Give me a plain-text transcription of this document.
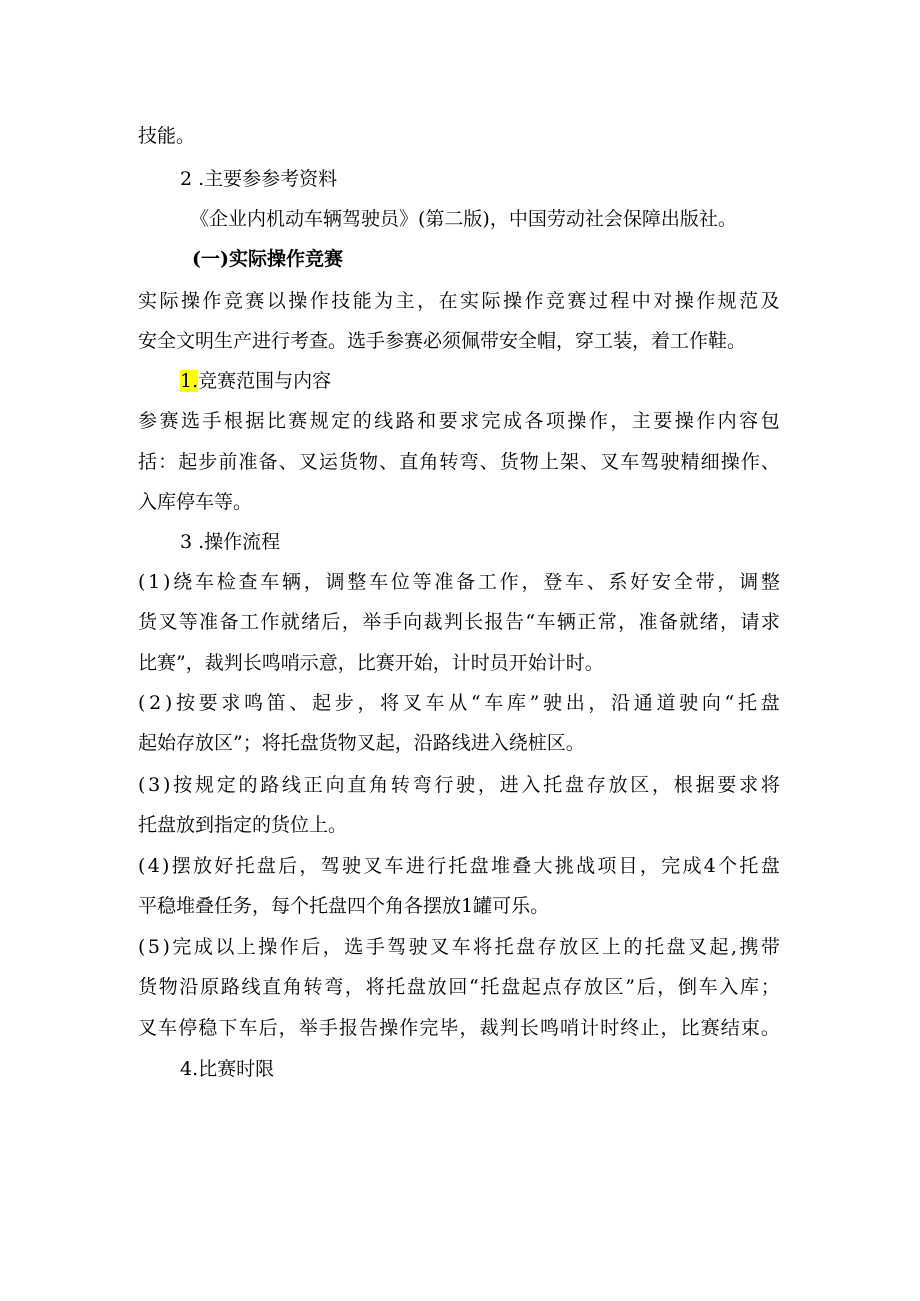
技能。

2 .主要参参考资料

《企业内机动车辆驾驶员》(第二版)，中国劳动社会保障出版社。

(一)实际操作竞赛

实 际 操 作 竞 赛 以 操 作 技 能 为 主 ， 在 实 际 操 作 竞 赛 过 程 中 对 操 作 规 范 及

安全文明生产进行考查。选手参赛必须佩带安全帽，穿工装，着工作鞋。

1.竞赛范围与内容

参 赛 选 手 根 据 比 赛 规 定 的 线 路 和 要 求 完 成 各 项 操 作 ， 主 要 操 作 内 容 包

括 ： 起 步 前 准 备 、 叉 运 货 物 、 直 角 转 弯 、 货 物 上 架 、 叉 车 驾 驶 精 细 操 作 、

入库停车等。

3 .操作流程

( 1 ) 绕 车 检 查 车 辆 ， 调 整 车 位 等 准 备 工 作 ， 登 车 、 系 好 安 全 带 ， 调 整

货 叉 等 准 备 工 作 就 绪 后 ， 举 手 向 裁 判 长 报 告 “ 车 辆 正 常 ， 准 备 就 绪 ， 请 求

比赛”，裁判长鸣哨示意，比赛开始，计时员开始计时。

( 2 ) 按 要 求 鸣 笛 、 起 步 ， 将 叉 车 从 “ 车 库 ” 驶 出 ， 沿 通 道 驶 向 “ 托 盘

起始存放区”；将托盘货物叉起，沿路线进入绕桩区。

( 3 ) 按 规 定 的 路 线 正 向 直 角 转 弯 行 驶 ， 进 入 托 盘 存 放 区 ， 根 据 要 求 将

托盘放到指定的货位上。

( 4 ) 摆 放 好 托 盘 后 ， 驾 驶 叉 车 进 行 托 盘 堆 叠 大 挑 战 项 目 ， 完 成 4 个 托 盘

平稳堆叠任务，每个托盘四个角各摆放1罐可乐。

( 5 ) 完 成 以 上 操 作 后 ， 选 手 驾 驶 叉 车 将 托 盘 存 放 区 上 的 托 盘 叉 起 , 携 带

货 物 沿 原 路 线 直 角 转 弯 ， 将 托 盘 放 回 “ 托 盘 起 点 存 放 区 ” 后 ， 倒 车 入 库 ；

叉 车 停 稳 下 车 后 ， 举 手 报 告 操 作 完 毕 ， 裁 判 长 鸣 哨 计 时 终 止 ， 比 赛 结 束 。

4.比赛时限
